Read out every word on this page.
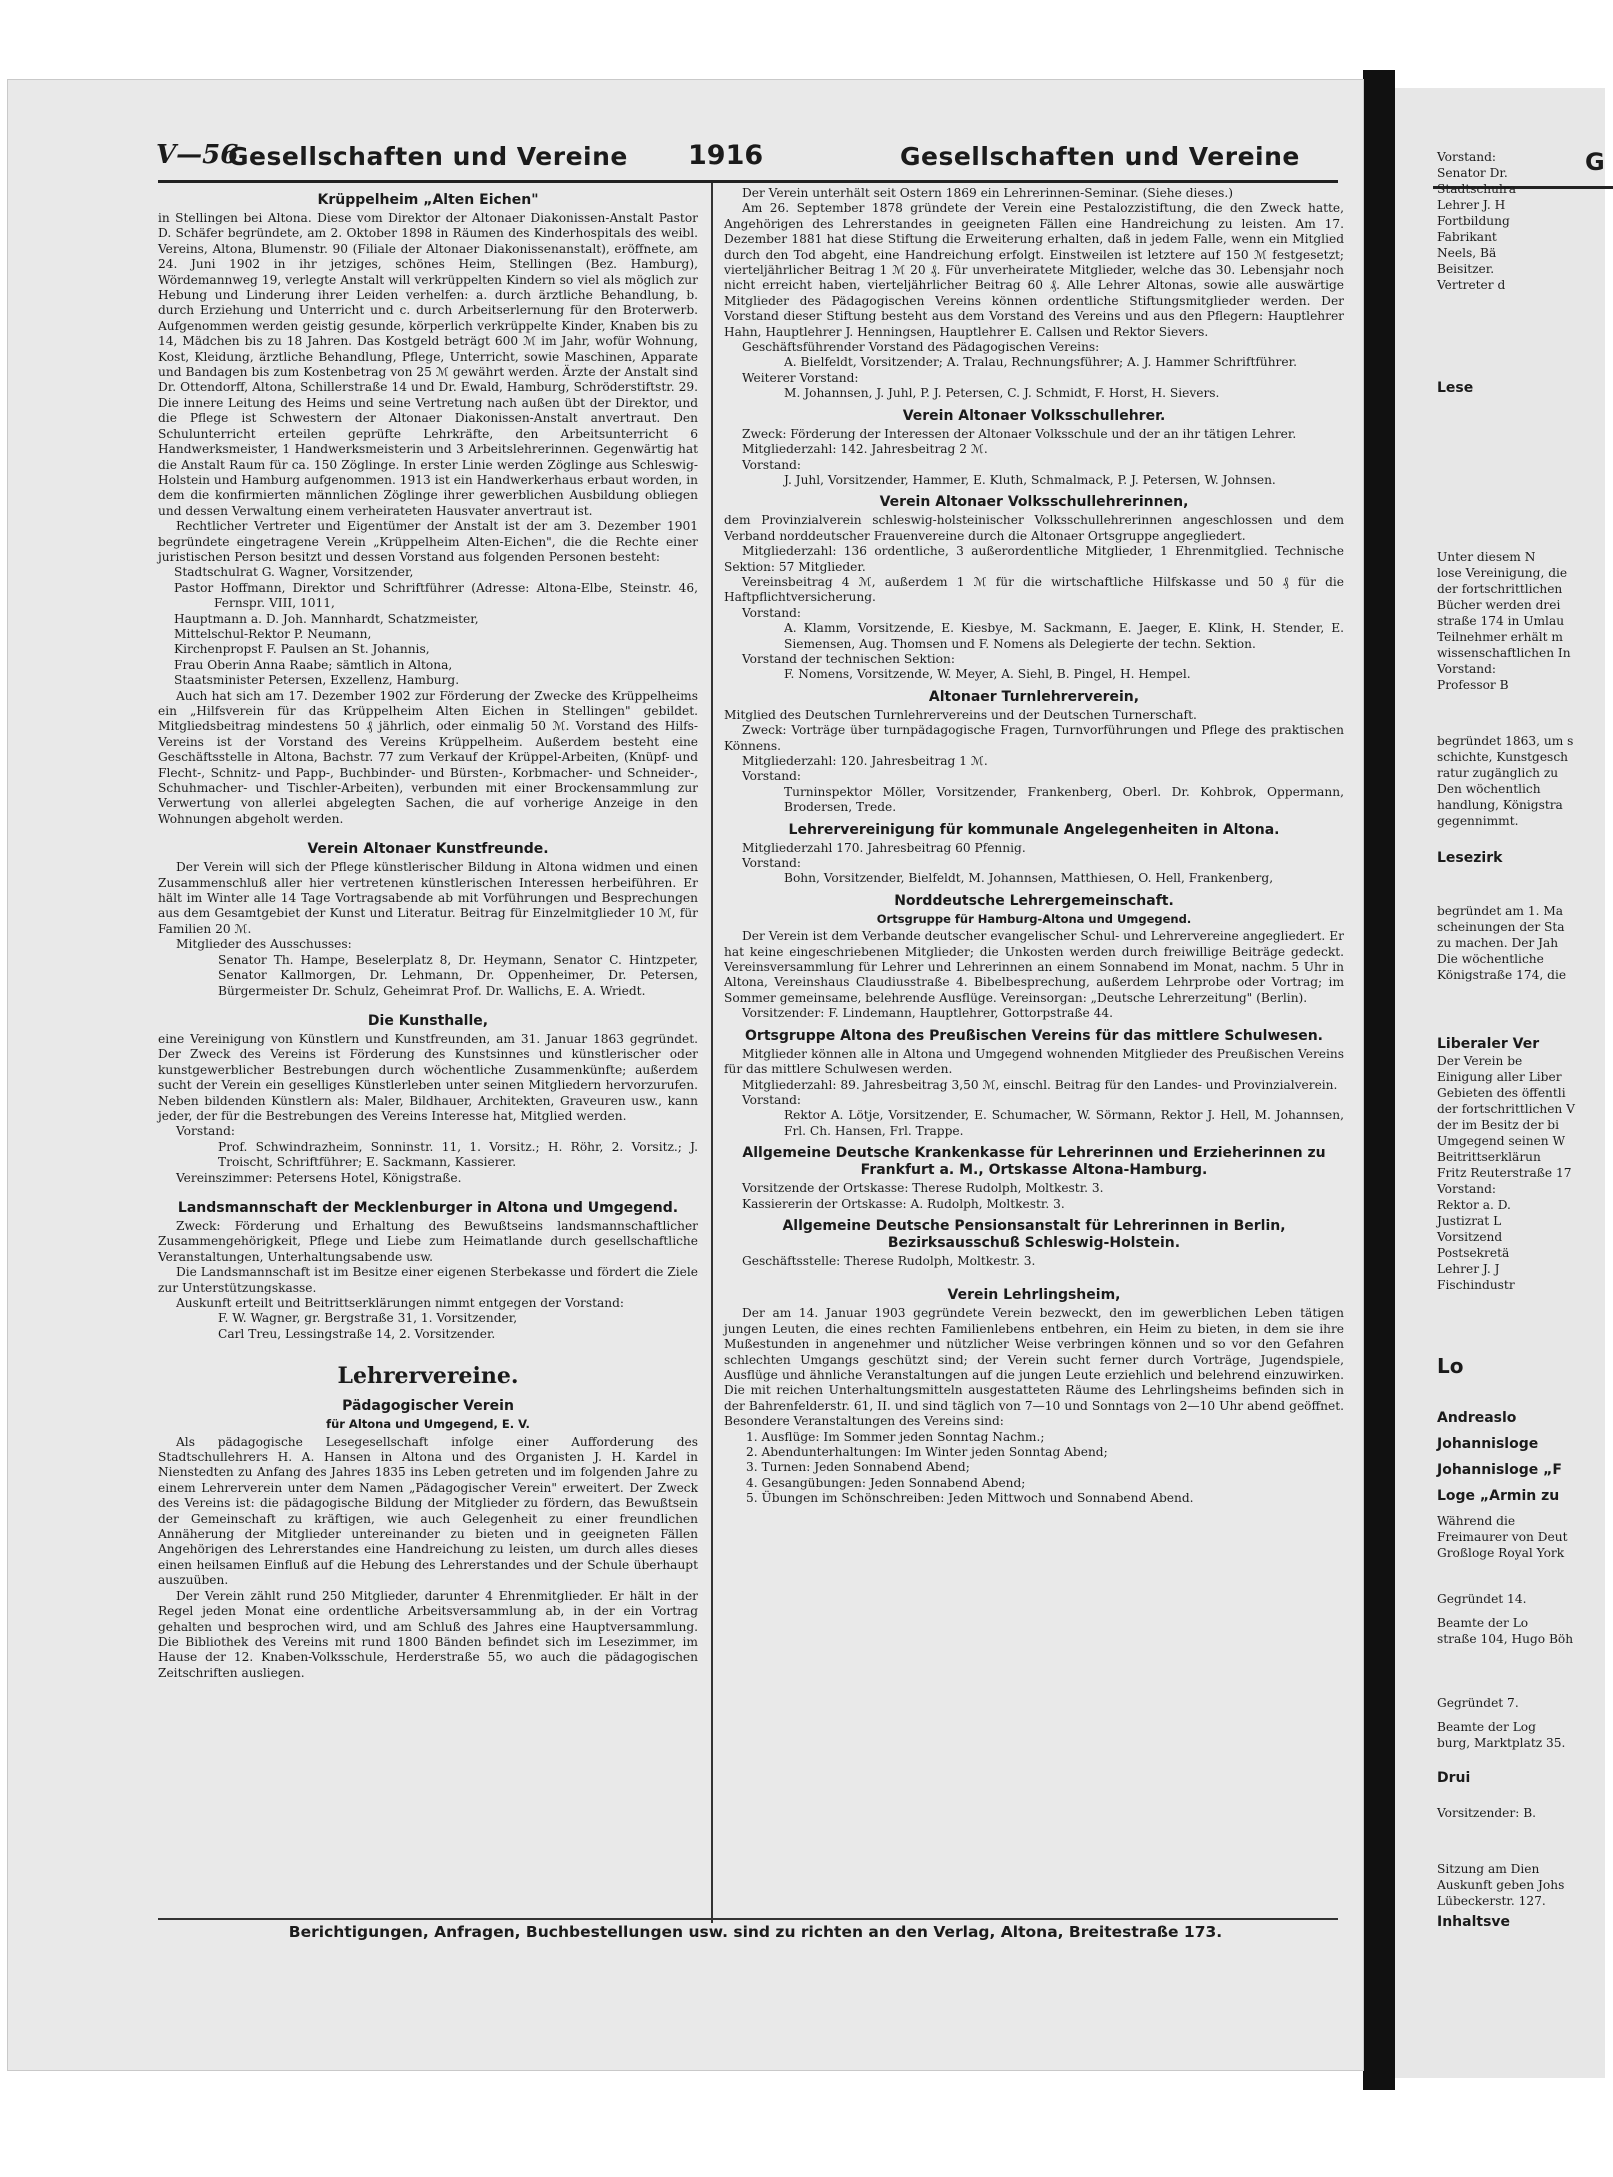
V—56
Gesellschaften und Vereine 1916	Gesellschaften und Vereine
Krüppelheim „Alten Eichen"

in Stellingen bei Altona. Diese vom Direktor der Altonaer Diakonissen-Anstalt Pastor D. Schäfer begründete, am 2. Oktober 1898 in Räumen des Kinderhospitals des weibl. Vereins, Altona, Blumenstr. 90 (Filiale der Altonaer Diakonissenanstalt), eröffnete, am 24. Juni 1902 in ihr jetziges, schönes Heim, Stellingen (Bez. Hamburg), Wördemannweg 19, verlegte Anstalt will verkrüppelten Kindern so viel als möglich zur Hebung und Linderung ihrer Leiden verhelfen: a. durch ärztliche Behandlung, b. durch Erziehung und Unterricht und c. durch Arbeitserlernung für den Broterwerb. Aufgenommen werden geistig gesunde, körperlich verkrüppelte Kinder, Knaben bis zu 14, Mädchen bis zu 18 Jahren. Das Kostgeld beträgt 600 ℳ im Jahr, wofür Wohnung, Kost, Kleidung, ärztliche Behandlung, Pflege, Unterricht, sowie Maschinen, Apparate und Bandagen bis zum Kostenbetrag von 25 ℳ gewährt werden. Ärzte der Anstalt sind Dr. Ottendorff, Altona, Schillerstraße 14 und Dr. Ewald, Hamburg, Schröderstiftstr. 29. Die innere Leitung des Heims und seine Vertretung nach außen übt der Direktor, und die Pflege ist Schwestern der Altonaer Diakonissen-Anstalt anvertraut. Den Schulunterricht erteilen geprüfte Lehrkräfte, den Arbeitsunterricht 6 Handwerksmeister, 1 Handwerksmeisterin und 3 Arbeitslehrerinnen. Gegenwärtig hat die Anstalt Raum für ca. 150 Zöglinge. In erster Linie werden Zöglinge aus Schleswig-Holstein und Hamburg aufgenommen. 1913 ist ein Handwerkerhaus erbaut worden, in dem die konfirmierten männlichen Zöglinge ihrer gewerblichen Ausbildung obliegen und dessen Verwaltung einem verheirateten Hausvater anvertraut ist.

Rechtlicher Vertreter und Eigentümer der Anstalt ist der am 3. Dezember 1901 begründete eingetragene Verein „Krüppelheim Alten-Eichen", die die Rechte einer juristischen Person besitzt und dessen Vorstand aus folgenden Personen besteht:

Stadtschulrat G. Wagner, Vorsitzender,

Pastor Hoffmann, Direktor und Schriftführer (Adresse: Altona-Elbe, Steinstr. 46, Fernspr. VIII, 1011,

Hauptmann a. D. Joh. Mannhardt, Schatzmeister,

Mittelschul-Rektor P. Neumann,

Kirchenpropst F. Paulsen an St. Johannis,

Frau Oberin Anna Raabe; sämtlich in Altona,

Staatsminister Petersen, Exzellenz, Hamburg.

Auch hat sich am 17. Dezember 1902 zur Förderung der Zwecke des Krüppelheims ein „Hilfsverein für das Krüppelheim Alten Eichen in Stellingen" gebildet. Mitgliedsbeitrag mindestens 50 ₰ jährlich, oder einmalig 50 ℳ. Vorstand des Hilfs-Vereins ist der Vorstand des Vereins Krüppelheim. Außerdem besteht eine Geschäftsstelle in Altona, Bachstr. 77 zum Verkauf der Krüppel-Arbeiten, (Knüpf- und Flecht-, Schnitz- und Papp-, Buchbinder- und Bürsten-, Korbmacher- und Schneider-, Schuhmacher- und Tischler-Arbeiten), verbunden mit einer Brockensammlung zur Verwertung von allerlei abgelegten Sachen, die auf vorherige Anzeige in den Wohnungen abgeholt werden.

Verein Altonaer Kunstfreunde.

Der Verein will sich der Pflege künstlerischer Bildung in Altona widmen und einen Zusammenschluß aller hier vertretenen künstlerischen Interessen herbeiführen. Er hält im Winter alle 14 Tage Vortragsabende ab mit Vorführungen und Besprechungen aus dem Gesamtgebiet der Kunst und Literatur. Beitrag für Einzelmitglieder 10 ℳ, für Familien 20 ℳ.

Mitglieder des Ausschusses:

Senator Th. Hampe, Beselerplatz 8, Dr. Heymann, Senator C. Hintzpeter, Senator Kallmorgen, Dr. Lehmann, Dr. Oppenheimer, Dr. Petersen, Bürgermeister Dr. Schulz, Geheimrat Prof. Dr. Wallichs, E. A. Wriedt.

Die Kunsthalle,

eine Vereinigung von Künstlern und Kunstfreunden, am 31. Januar 1863 gegründet. Der Zweck des Vereins ist Förderung des Kunstsinnes und künstlerischer oder kunstgewerblicher Bestrebungen durch wöchentliche Zusammenkünfte; außerdem sucht der Verein ein geselliges Künstlerleben unter seinen Mitgliedern hervorzurufen. Neben bildenden Künstlern als: Maler, Bildhauer, Architekten, Graveuren usw., kann jeder, der für die Bestrebungen des Vereins Interesse hat, Mitglied werden.

Vorstand:

Prof. Schwindrazheim, Sonninstr. 11, 1. Vorsitz.; H. Röhr, 2. Vorsitz.; J. Troischt, Schriftführer; E. Sackmann, Kassierer.

Vereinszimmer: Petersens Hotel, Königstraße.

Landsmannschaft der Mecklenburger in Altona und Umgegend.

Zweck: Förderung und Erhaltung des Bewußtseins landsmannschaftlicher Zusammengehörigkeit, Pflege und Liebe zum Heimatlande durch gesellschaftliche Veranstaltungen, Unterhaltungsabende usw.

Die Landsmannschaft ist im Besitze einer eigenen Sterbekasse und fördert die Ziele zur Unterstützungskasse.

Auskunft erteilt und Beitrittserklärungen nimmt entgegen der Vorstand:

F. W. Wagner, gr. Bergstraße 31, 1. Vorsitzender,

Carl Treu, Lessingstraße 14, 2. Vorsitzender.

Lehrervereine.
Pädagogischer Verein
für Altona und Umgegend, E. V.

Als pädagogische Lesegesellschaft infolge einer Aufforderung des Stadtschullehrers H. A. Hansen in Altona und des Organisten J. H. Kardel in Nienstedten zu Anfang des Jahres 1835 ins Leben getreten und im folgenden Jahre zu einem Lehrerverein unter dem Namen „Pädagogischer Verein" erweitert. Der Zweck des Vereins ist: die pädagogische Bildung der Mitglieder zu fördern, das Bewußtsein der Gemeinschaft zu kräftigen, wie auch Gelegenheit zu einer freundlichen Annäherung der Mitglieder untereinander zu bieten und in geeigneten Fällen Angehörigen des Lehrerstandes eine Handreichung zu leisten, um durch alles dieses einen heilsamen Einfluß auf die Hebung des Lehrerstandes und der Schule überhaupt auszuüben.

Der Verein zählt rund 250 Mitglieder, darunter 4 Ehrenmitglieder. Er hält in der Regel jeden Monat eine ordentliche Arbeitsversammlung ab, in der ein Vortrag gehalten und besprochen wird, und am Schluß des Jahres eine Hauptversammlung. Die Bibliothek des Vereins mit rund 1800 Bänden befindet sich im Lesezimmer, im Hause der 12. Knaben-Volksschule, Herderstraße 55, wo auch die pädagogischen Zeitschriften ausliegen.

Der Verein unterhält seit Ostern 1869 ein Lehrerinnen-Seminar. (Siehe dieses.)

Am 26. September 1878 gründete der Verein eine Pestalozzistiftung, die den Zweck hatte, Angehörigen des Lehrerstandes in geeigneten Fällen eine Handreichung zu leisten. Am 17. Dezember 1881 hat diese Stiftung die Erweiterung erhalten, daß in jedem Falle, wenn ein Mitglied durch den Tod abgeht, eine Handreichung erfolgt. Einstweilen ist letztere auf 150 ℳ festgesetzt; vierteljährlicher Beitrag 1 ℳ 20 ₰. Für unverheiratete Mitglieder, welche das 30. Lebensjahr noch nicht erreicht haben, vierteljährlicher Beitrag 60 ₰. Alle Lehrer Altonas, sowie alle auswärtige Mitglieder des Pädagogischen Vereins können ordentliche Stiftungsmitglieder werden. Der Vorstand dieser Stiftung besteht aus dem Vorstand des Vereins und aus den Pflegern: Hauptlehrer Hahn, Hauptlehrer J. Henningsen, Hauptlehrer E. Callsen und Rektor Sievers.

Geschäftsführender Vorstand des Pädagogischen Vereins:

A. Bielfeldt, Vorsitzender; A. Tralau, Rechnungsführer; A. J. Hammer Schriftführer.

Weiterer Vorstand:

M. Johannsen, J. Juhl, P. J. Petersen, C. J. Schmidt, F. Horst, H. Sievers.

Verein Altonaer Volksschullehrer.

Zweck: Förderung der Interessen der Altonaer Volksschule und der an ihr tätigen Lehrer.

Mitgliederzahl: 142. Jahresbeitrag 2 ℳ.

Vorstand:

J. Juhl, Vorsitzender, Hammer, E. Kluth, Schmalmack, P. J. Petersen, W. Johnsen.

Verein Altonaer Volksschullehrerinnen,

dem Provinzialverein schleswig-holsteinischer Volksschullehrerinnen angeschlossen und dem Verband norddeutscher Frauenvereine durch die Altonaer Ortsgruppe angegliedert.

Mitgliederzahl: 136 ordentliche, 3 außerordentliche Mitglieder, 1 Ehrenmitglied. Technische Sektion: 57 Mitglieder.

Vereinsbeitrag 4 ℳ, außerdem 1 ℳ für die wirtschaftliche Hilfskasse und 50 ₰ für die Haftpflichtversicherung.

Vorstand:

A. Klamm, Vorsitzende, E. Kiesbye, M. Sackmann, E. Jaeger, E. Klink, H. Stender, E. Siemensen, Aug. Thomsen und F. Nomens als Delegierte der techn. Sektion.

Vorstand der technischen Sektion:

F. Nomens, Vorsitzende, W. Meyer, A. Siehl, B. Pingel, H. Hempel.

Altonaer Turnlehrerverein,

Mitglied des Deutschen Turnlehrervereins und der Deutschen Turnerschaft.

Zweck: Vorträge über turnpädagogische Fragen, Turnvorführungen und Pflege des praktischen Könnens.

Mitgliederzahl: 120. Jahresbeitrag 1 ℳ.

Vorstand:

Turninspektor Möller, Vorsitzender, Frankenberg, Oberl. Dr. Kohbrok, Oppermann, Brodersen, Trede.

Lehrervereinigung für kommunale Angelegenheiten in Altona.

Mitgliederzahl 170. Jahresbeitrag 60 Pfennig.

Vorstand:

Bohn, Vorsitzender, Bielfeldt, M. Johannsen, Matthiesen, O. Hell, Frankenberg,

Norddeutsche Lehrergemeinschaft.
Ortsgruppe für Hamburg-Altona und Umgegend.

Der Verein ist dem Verbande deutscher evangelischer Schul- und Lehrervereine angegliedert. Er hat keine eingeschriebenen Mitglieder; die Unkosten werden durch freiwillige Beiträge gedeckt. Vereinsversammlung für Lehrer und Lehrerinnen an einem Sonnabend im Monat, nachm. 5 Uhr in Altona, Vereinshaus Claudiusstraße 4. Bibelbesprechung, außerdem Lehrprobe oder Vortrag; im Sommer gemeinsame, belehrende Ausflüge. Vereinsorgan: „Deutsche Lehrerzeitung" (Berlin).

Vorsitzender: F. Lindemann, Hauptlehrer, Gottorpstraße 44.

Ortsgruppe Altona des Preußischen Vereins für das mittlere Schulwesen.

Mitglieder können alle in Altona und Umgegend wohnenden Mitglieder des Preußischen Vereins für das mittlere Schulwesen werden.

Mitgliederzahl: 89. Jahresbeitrag 3,50 ℳ, einschl. Beitrag für den Landes- und Provinzialverein.

Vorstand:

Rektor A. Lötje, Vorsitzender, E. Schumacher, W. Sörmann, Rektor J. Hell, M. Johannsen, Frl. Ch. Hansen, Frl. Trappe.

Allgemeine Deutsche Krankenkasse für Lehrerinnen und Erzieherinnen zu Frankfurt a. M., Ortskasse Altona-Hamburg.

Vorsitzende der Ortskasse: Therese Rudolph, Moltkestr. 3.

Kassiererin der Ortskasse: A. Rudolph, Moltkestr. 3.

Allgemeine Deutsche Pensionsanstalt für Lehrerinnen in Berlin, Bezirksausschuß Schleswig-Holstein.

Geschäftsstelle: Therese Rudolph, Moltkestr. 3.

Verein Lehrlingsheim,

Der am 14. Januar 1903 gegründete Verein bezweckt, den im gewerblichen Leben tätigen jungen Leuten, die eines rechten Familienlebens entbehren, ein Heim zu bieten, in dem sie ihre Mußestunden in angenehmer und nützlicher Weise verbringen können und so vor den Gefahren schlechten Umgangs geschützt sind; der Verein sucht ferner durch Vorträge, Jugendspiele, Ausflüge und ähnliche Veranstaltungen auf die jungen Leute erziehlich und belehrend einzuwirken. Die mit reichen Unterhaltungsmitteln ausgestatteten Räume des Lehrlingsheims befinden sich in der Bahrenfelderstr. 61, II. und sind täglich von 7—10 und Sonntags von 2—10 Uhr abend geöffnet. Besondere Veranstaltungen des Vereins sind:

1. Ausflüge: Im Sommer jeden Sonntag Nachm.;

2. Abendunterhaltungen: Im Winter jeden Sonntag Abend;

3. Turnen: Jeden Sonnabend Abend;

4. Gesangübungen: Jeden Sonnabend Abend;

5. Übungen im Schönschreiben: Jeden Mittwoch und Sonnabend Abend.

Berichtigungen, Anfragen, Buchbestellungen usw. sind zu richten an den Verlag, Altona, Breitestraße 173.
G
Vorstand:
Senator Dr.
Stadtschulra
Lehrer J. H
Fortbildung
Fabrikant
Neels, Bä
Beisitzer.
Vertreter d
Lese
Unter diesem N
lose Vereinigung, die
der fortschrittlichen
Bücher werden drei
straße 174 in Umlau
Teilnehmer erhält m
wissenschaftlichen In
Vorstand:
Professor B
begründet 1863, um s
schichte, Kunstgesch
ratur zugänglich zu
Den wöchentlich
handlung, Königstra
gegennimmt.
Lesezirk
begründet am 1. Ma
scheinungen der Sta
zu machen. Der Jah
Die wöchentliche
Königstraße 174, die
Liberaler Ver
Der Verein be
Einigung aller Liber
Gebieten des öffentli
der fortschrittlichen V
der im Besitz der bi
Umgegend seinen W
Beitrittserklärun
Fritz Reuterstraße 17
Vorstand:
Rektor a. D.
Justizrat L
Vorsitzend
Postsekretä
Lehrer J. J
Fischindustr
Lo
Andreaslo
Johannisloge
Johannisloge „F
Loge „Armin zu
Während die
Freimaurer von Deut
Großloge Royal York
Gegründet 14.
Beamte der Lo
straße 104, Hugo Böh
Gegründet 7.
Beamte der Log
burg, Marktplatz 35.
Drui
Vorsitzender: B.
Sitzung am Dien
Auskunft geben Johs
Lübeckerstr. 127.
Inhaltsve
